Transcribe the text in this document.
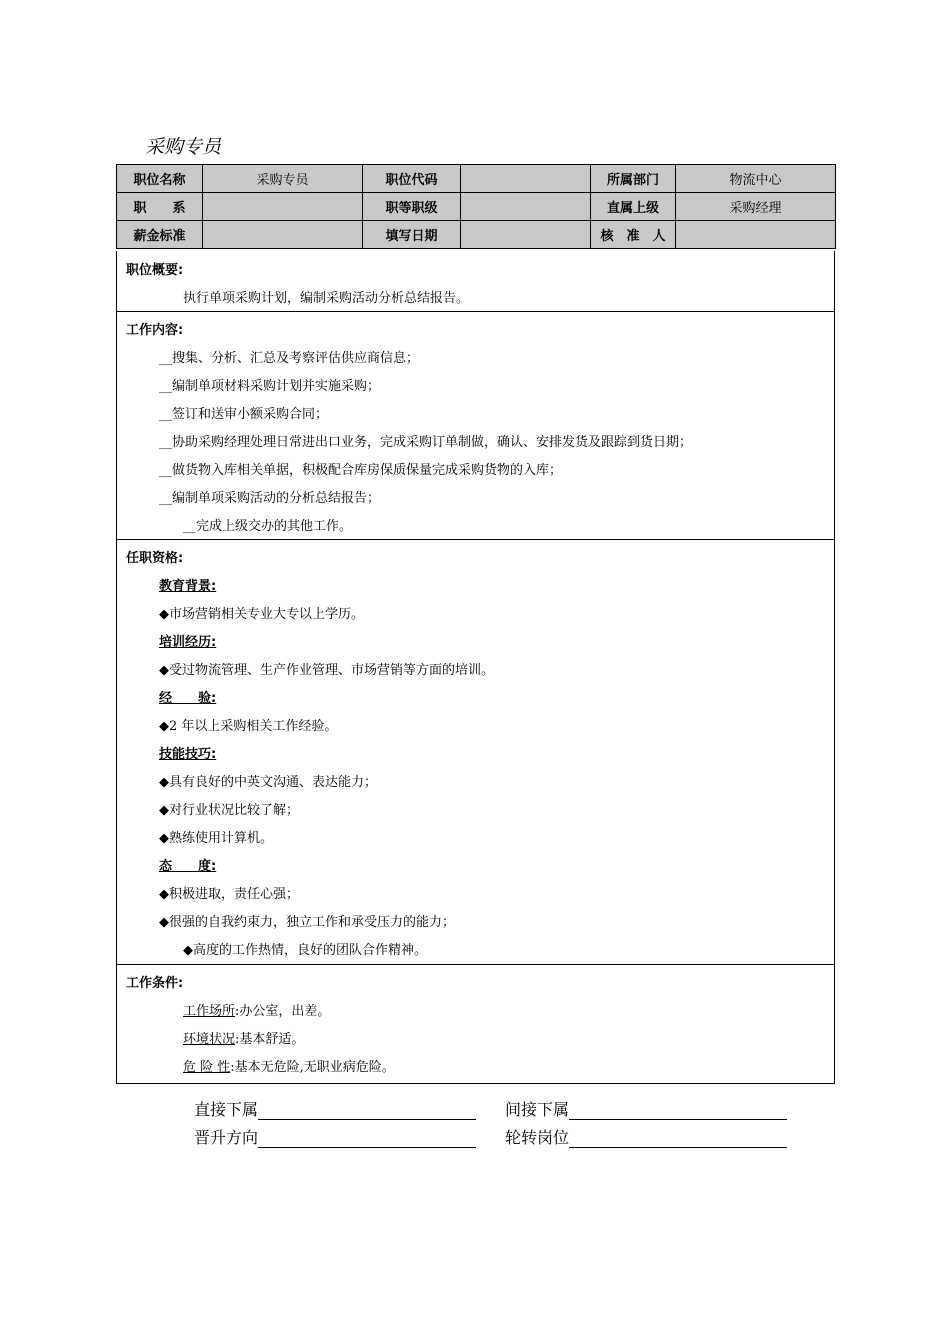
采购专员
职位名称	采购专员	职位代码		所属部门	物流中心
职　　系		职等职级		直属上级	采购经理
薪金标准		填写日期		核　准　人	
职位概要:
执行单项采购计划，编制采购活动分析总结报告。
工作内容:
__搜集、分析、汇总及考察评估供应商信息；
__编制单项材料采购计划并实施采购；
__签订和送审小额采购合同；
__协助采购经理处理日常进出口业务，完成采购订单制做，确认、安排发货及跟踪到货日期；
__做货物入库相关单据，积极配合库房保质保量完成采购货物的入库；
__编制单项采购活动的分析总结报告；
__完成上级交办的其他工作。
任职资格:
教育背景:
◆市场营销相关专业大专以上学历。
培训经历:
◆受过物流管理、生产作业管理、市场营销等方面的培训。
经　　验:
◆2 年以上采购相关工作经验。
技能技巧:
◆具有良好的中英文沟通、表达能力；
◆对行业状况比较了解；
◆熟练使用计算机。
态　　度:
◆积极进取，责任心强；
◆很强的自我约束力，独立工作和承受压力的能力；
◆高度的工作热情，良好的团队合作精神。
工作条件:
工作场所:办公室，出差。
环境状况:基本舒适。
危 险 性:基本无危险,无职业病危险。
直接下属	间接下属
晋升方向	轮转岗位
